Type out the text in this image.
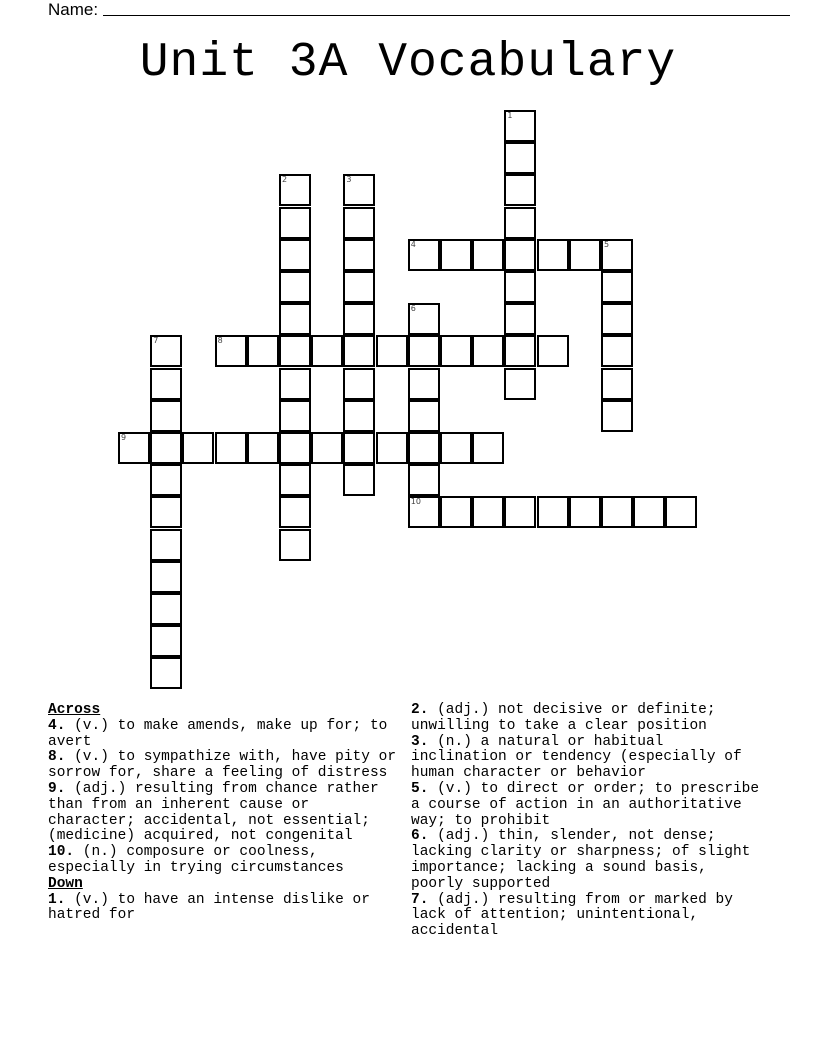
Name:
Unit 3A Vocabulary
1
2	3
4	5
6
10
7	8
9
Across
4. (v.) to make amends, make up for; to avert
8. (v.) to sympathize with, have pity or sorrow for, share a feeling of distress
9. (adj.) resulting from chance rather than from an inherent cause or character; accidental, not essential; (medicine) acquired, not congenital
10. (n.) composure or coolness, especially in trying circumstances
Down
1. (v.) to have an intense dislike or hatred for
2. (adj.) not decisive or definite; unwilling to take a clear position
3. (n.) a natural or habitual inclination or tendency (especially of human character or behavior
5. (v.) to direct or order; to prescribe a course of action in an authoritative way; to prohibit
6. (adj.) thin, slender, not dense; lacking clarity or sharpness; of slight importance; lacking a sound basis, poorly supported
7. (adj.) resulting from or marked by lack of attention; unintentional, accidental
